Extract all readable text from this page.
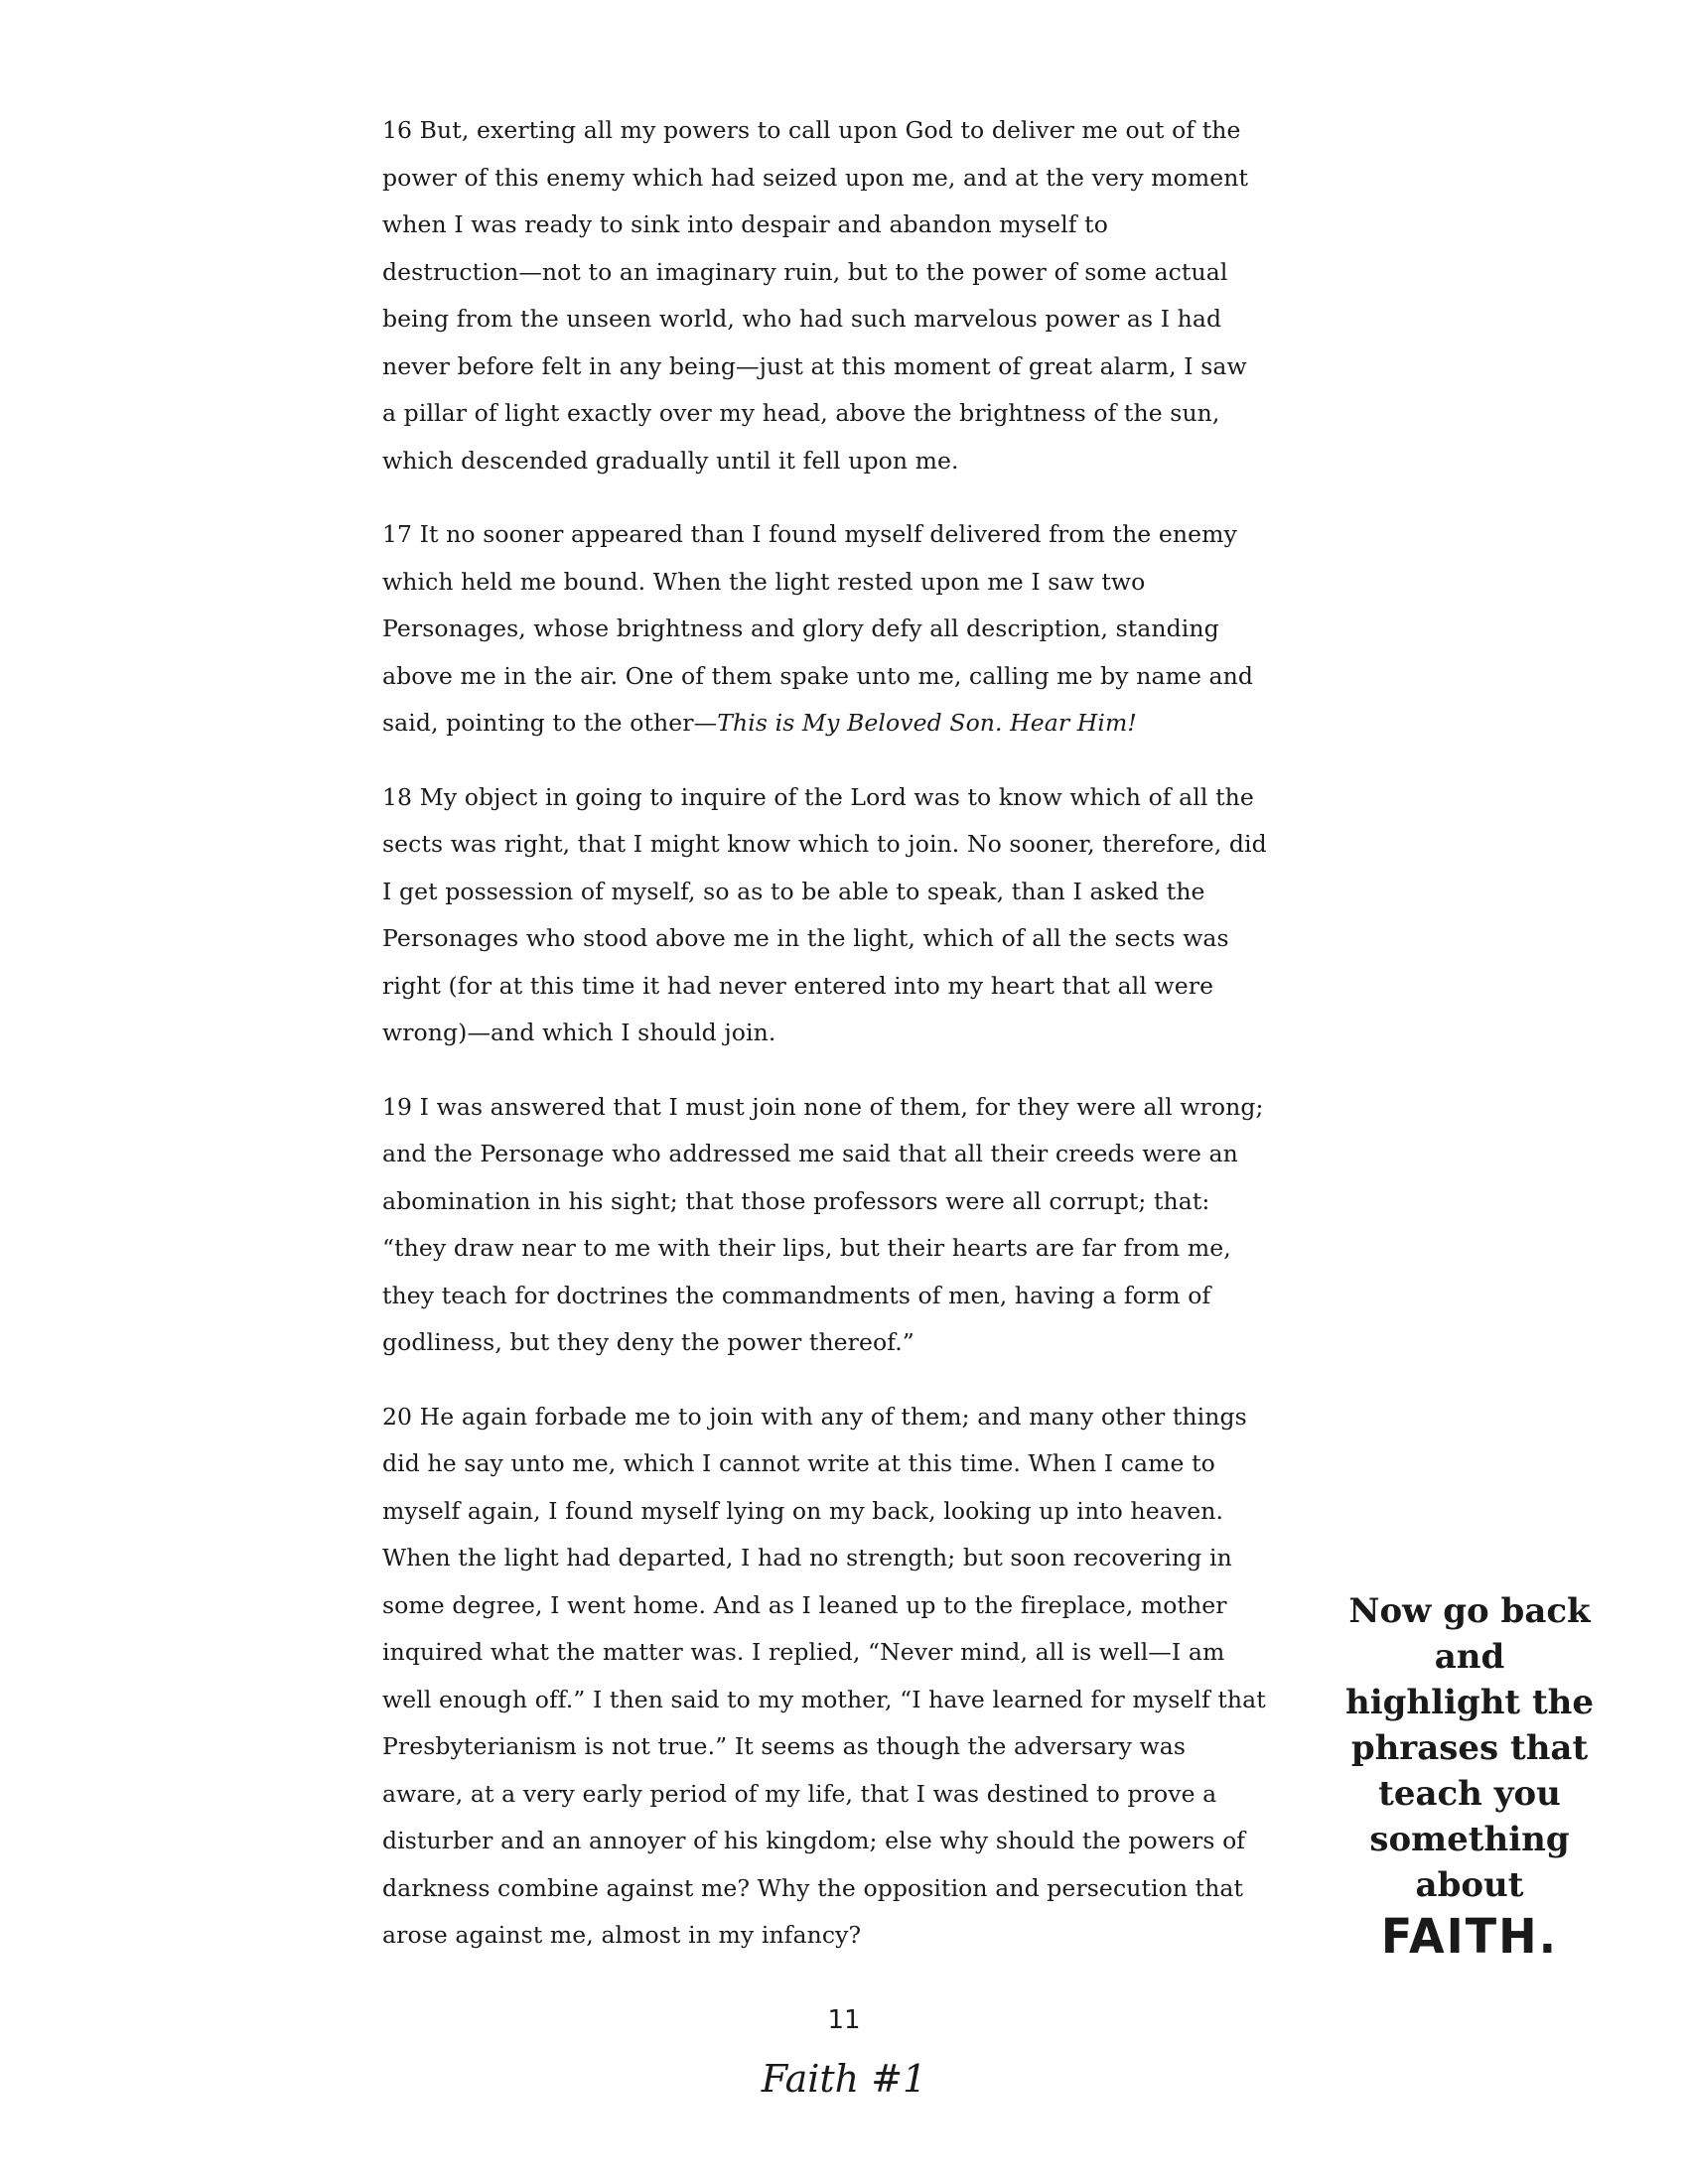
16 But, exerting all my powers to call upon God to deliver me out of the
power of this enemy which had seized upon me, and at the very moment
when I was ready to sink into despair and abandon myself to
destruction—not to an imaginary ruin, but to the power of some actual
being from the unseen world, who had such marvelous power as I had
never before felt in any being—just at this moment of great alarm, I saw
a pillar of light exactly over my head, above the brightness of the sun,
which descended gradually until it fell upon me.

17 It no sooner appeared than I found myself delivered from the enemy
which held me bound. When the light rested upon me I saw two
Personages, whose brightness and glory defy all description, standing
above me in the air. One of them spake unto me, calling me by name and
said, pointing to the other—This is My Beloved Son. Hear Him!

18 My object in going to inquire of the Lord was to know which of all the
sects was right, that I might know which to join. No sooner, therefore, did
I get possession of myself, so as to be able to speak, than I asked the
Personages who stood above me in the light, which of all the sects was
right (for at this time it had never entered into my heart that all were
wrong)—and which I should join.

19 I was answered that I must join none of them, for they were all wrong;
and the Personage who addressed me said that all their creeds were an
abomination in his sight; that those professors were all corrupt; that:
“they draw near to me with their lips, but their hearts are far from me,
they teach for doctrines the commandments of men, having a form of
godliness, but they deny the power thereof.”

20 He again forbade me to join with any of them; and many other things
did he say unto me, which I cannot write at this time. When I came to
myself again, I found myself lying on my back, looking up into heaven.
When the light had departed, I had no strength; but soon recovering in
some degree, I went home. And as I leaned up to the fireplace, mother
inquired what the matter was. I replied, “Never mind, all is well—I am
well enough off.” I then said to my mother, “I have learned for myself that
Presbyterianism is not true.” It seems as though the adversary was
aware, at a very early period of my life, that I was destined to prove a
disturber and an annoyer of his kingdom; else why should the powers of
darkness combine against me? Why the opposition and persecution that
arose against me, almost in my infancy?

Now go back
and
highlight the
phrases that
teach you
something
about
FAITH.
11
Faith #1
